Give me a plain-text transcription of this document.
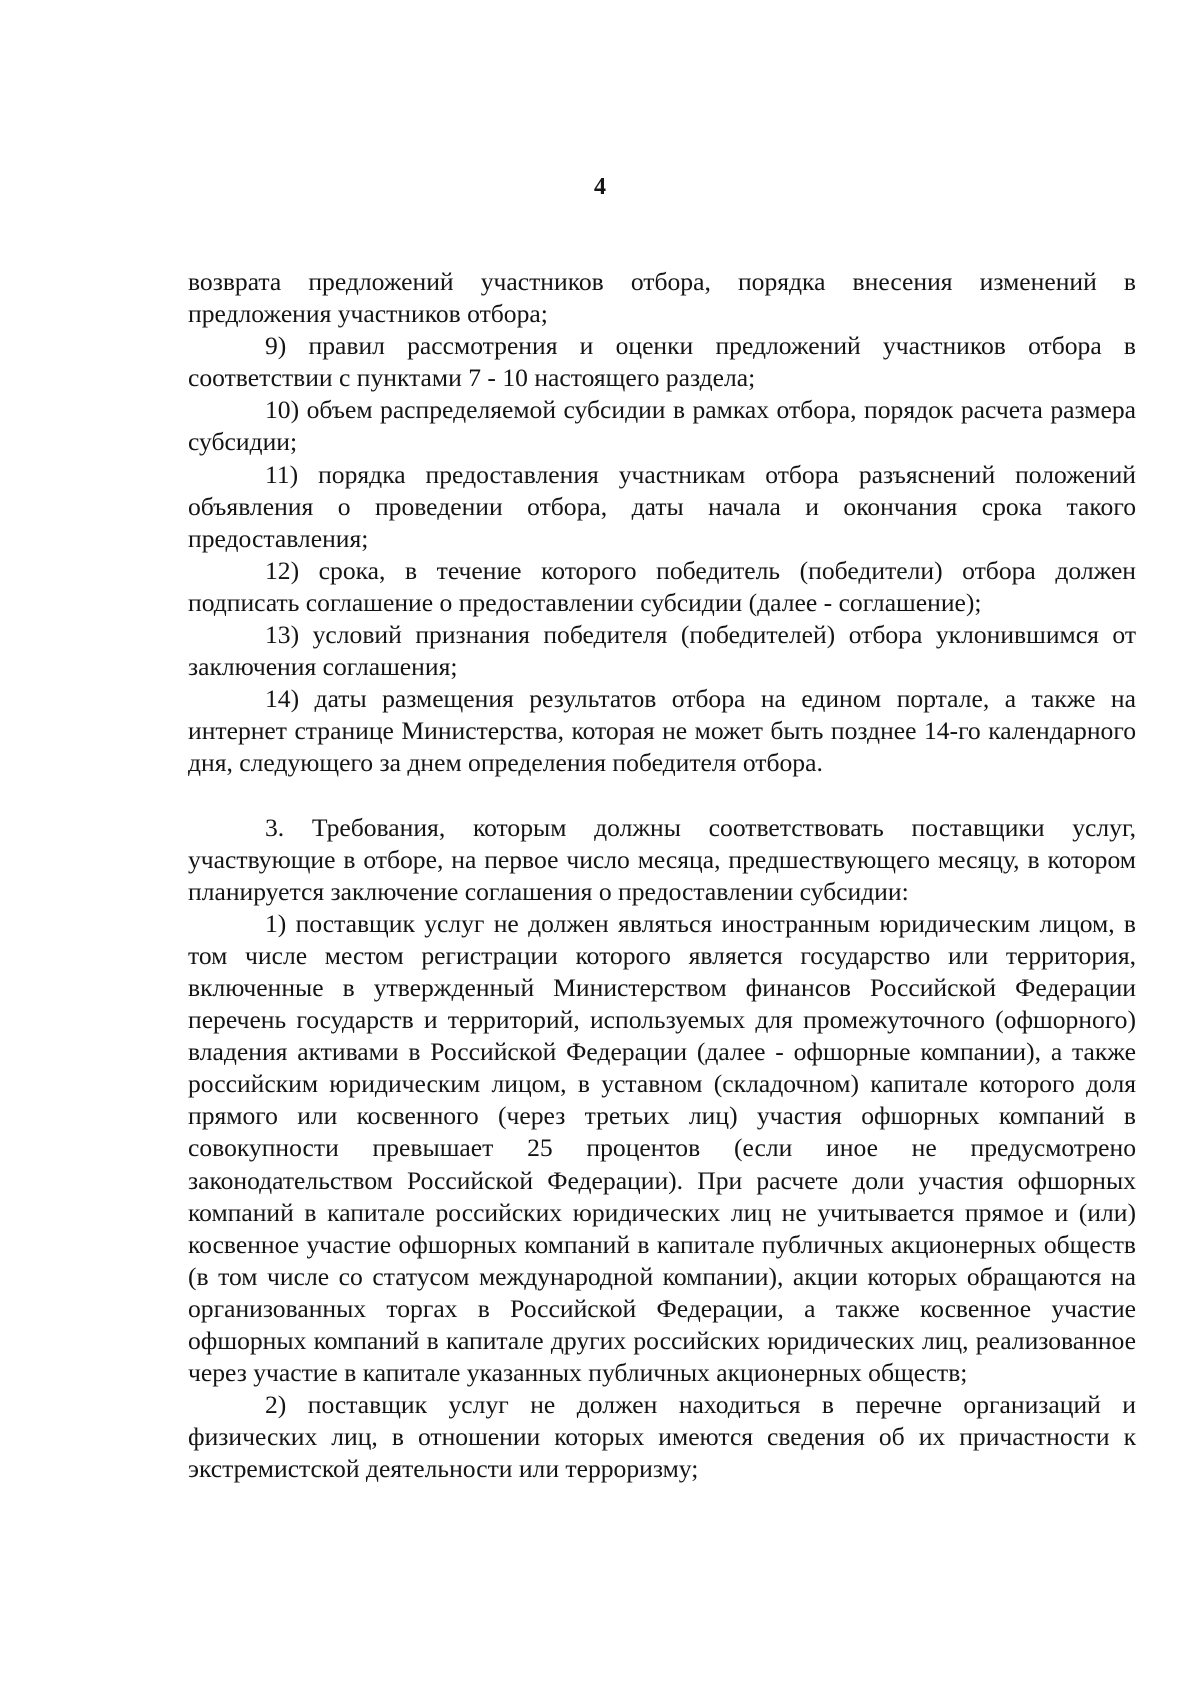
4

возврата предложений участников отбора, порядка внесения изменений в предложения участников отбора;

9) правил рассмотрения и оценки предложений участников отбора в соответствии с пунктами 7 - 10 настоящего раздела;

10) объем распределяемой субсидии в рамках отбора, порядок расчета размера субсидии;

11) порядка предоставления участникам отбора разъяснений положений объявления о проведении отбора, даты начала и окончания срока такого предоставления;

12) срока, в течение которого победитель (победители) отбора должен подписать соглашение о предоставлении субсидии (далее - соглашение);

13) условий признания победителя (победителей) отбора уклонившимся от заключения соглашения;

14) даты размещения результатов отбора на едином портале, а также на интернет странице Министерства, которая не может быть позднее 14-го календарного дня, следующего за днем определения победителя отбора.

3. Требования, которым должны соответствовать поставщики услуг, участвующие в отборе, на первое число месяца, предшествующего месяцу, в котором планируется заключение соглашения о предоставлении субсидии:

1) поставщик услуг не должен являться иностранным юридическим лицом, в том числе местом регистрации которого является государство или территория, включенные в утвержденный Министерством финансов Российской Федерации перечень государств и территорий, используемых для промежуточного (офшорного) владения активами в Российской Федерации (далее - офшорные компании), а также российским юридическим лицом, в уставном (складочном) капитале которого доля прямого или косвенного (через третьих лиц) участия офшорных компаний в совокупности превышает 25 процентов (если иное не предусмотрено законодательством Российской Федерации). При расчете доли участия офшорных компаний в капитале российских юридических лиц не учитывается прямое и (или) косвенное участие офшорных компаний в капитале публичных акционерных обществ (в том числе со статусом международной компании), акции которых обращаются на организованных торгах в Российской Федерации, а также косвенное участие офшорных компаний в капитале других российских юридических лиц, реализованное через участие в капитале указанных публичных акционерных обществ;

2) поставщик услуг не должен находиться в перечне организаций и физических лиц, в отношении которых имеются сведения об их причастности к экстремистской деятельности или терроризму;
